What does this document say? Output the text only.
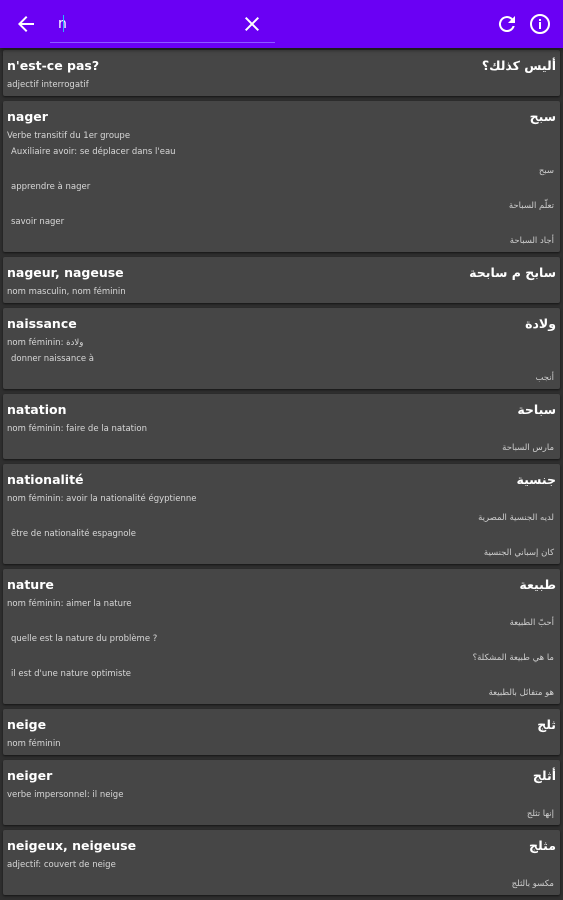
n
n'est-ce pas?	أليس كذلك؟
adjectif interrogatif
nager	سبح
Verbe transitif du 1er groupe
Auxiliaire avoir: se déplacer dans l'eau
سبح
apprendre à nager
تعلّم السباحة
savoir nager
أجاد السباحة
nageur, nageuse	سابح م سابحة
nom masculin, nom féminin
naissance	ولادة
nom féminin: ولادة
donner naissance à
أنجب
natation	سباحة
nom féminin: faire de la natation
مارس السباحة
nationalité	جنسية
nom féminin: avoir la nationalité égyptienne
لديه الجنسية المصرية
être de nationalité espagnole
كان إسباني الجنسية
nature	طبيعة
nom féminin: aimer la nature
أحبّ الطبيعة
quelle est la nature du problème ?
ما هي طبيعة المشكلة؟
il est d'une nature optimiste
هو متفائل بالطبيعة
neige	ثلج
nom féminin
neiger	أثلج
verbe impersonnel: il neige
إنها تثلج
neigeux, neigeuse	مثلج
adjectif: couvert de neige
مكسو بالثلج
